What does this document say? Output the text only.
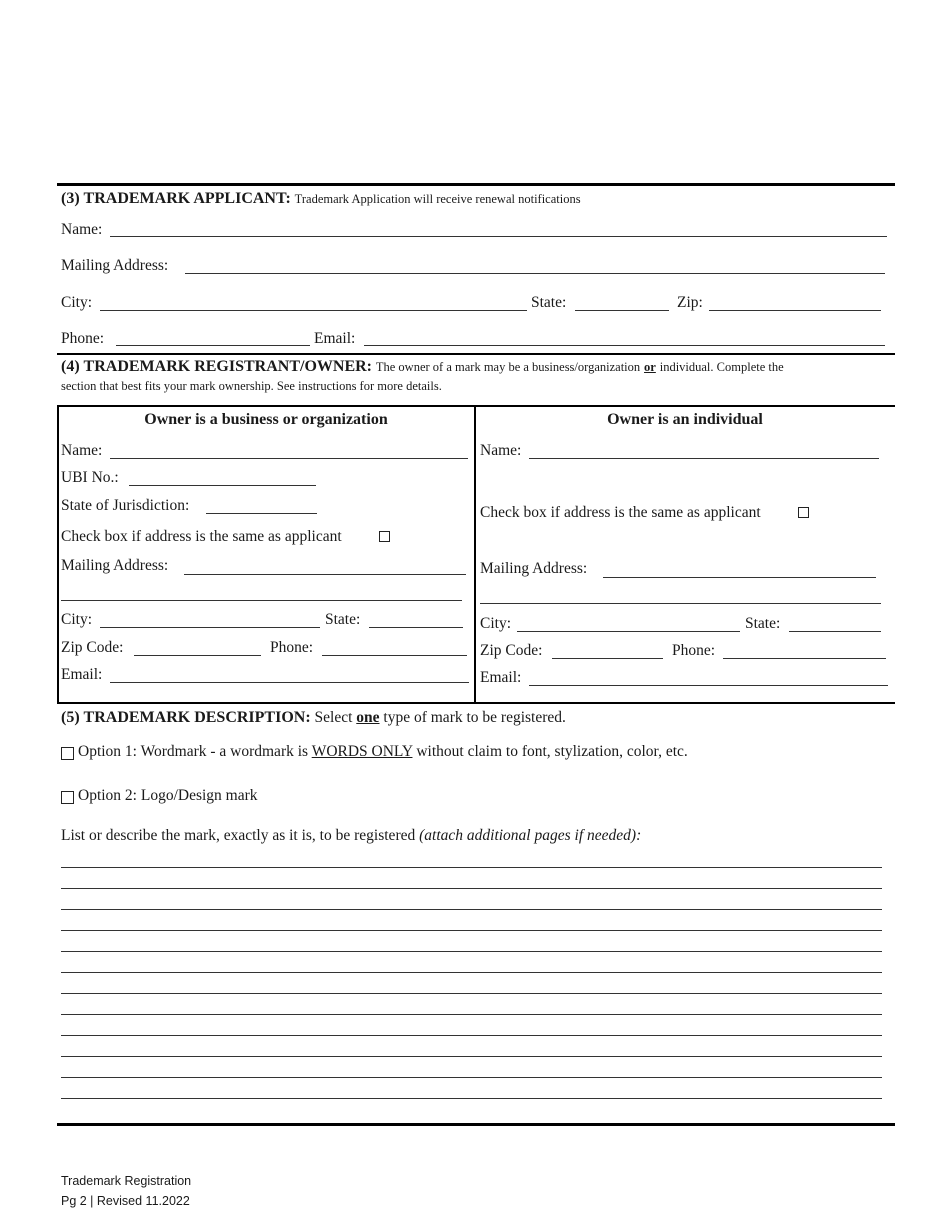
(3) TRADEMARK APPLICANT: Trademark Application will receive renewal notifications
Name:
Mailing Address:
City:	State:	Zip:
Phone:	Email:
(4) TRADEMARK REGISTRANT/OWNER: The owner of a mark may be a business/organization or individual. Complete the
section that best fits your mark ownership. See instructions for more details.
Owner is a business or organization
Name:
UBI No.:
State of Jurisdiction:
Check box if address is the same as applicant
Mailing Address:
City:	State:
Zip Code:	Phone:
Email:
Owner is an individual
Name:
Check box if address is the same as applicant
Mailing Address:
City:	State:
Zip Code:	Phone:
Email:
(5) TRADEMARK DESCRIPTION: Select one type of mark to be registered.
Option 1: Wordmark - a wordmark is WORDS ONLY without claim to font, stylization, color, etc.
Option 2: Logo/Design mark
List or describe the mark, exactly as it is, to be registered (attach additional pages if needed):
Trademark Registration
Pg 2 | Revised 11.2022
